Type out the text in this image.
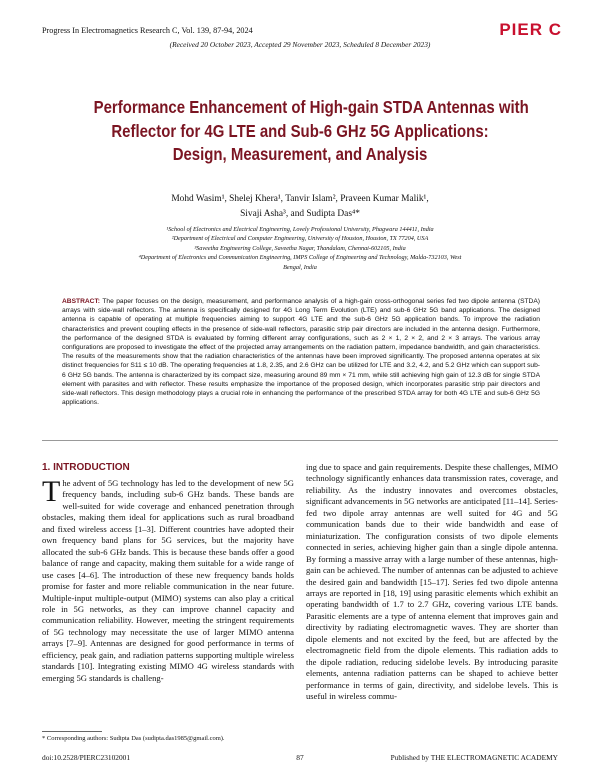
Progress In Electromagnetics Research C, Vol. 139, 87-94, 2024	PIER C
(Received 20 October 2023, Accepted 29 November 2023, Scheduled 8 December 2023)
Performance Enhancement of High-gain STDA Antennas with
Reflector for 4G LTE and Sub-6 GHz 5G Applications:
Design, Measurement, and Analysis
Mohd Wasim¹, Shelej Khera¹, Tanvir Islam², Praveen Kumar Malik¹,
Sivaji Asha³, and Sudipta Das⁴*
¹School of Electronics and Electrical Engineering, Lovely Professional University, Phagwara 144411, India
²Department of Electrical and Computer Engineering, University of Houston, Houston, TX 77204, USA
³Saveetha Engineering College, Saveetha Nagar, Thandalam, Chennai-602105, India
⁴Department of Electronics and Communication Engineering, IMPS College of Engineering and Technology, Malda-732103, West
Bengal, India
ABSTRACT: The paper focuses on the design, measurement, and performance analysis of a high-gain cross-orthogonal series fed two dipole antenna (STDA) arrays with side-wall reflectors. The antenna is specifically designed for 4G Long Term Evolution (LTE) and sub-6 GHz 5G band applications. The designed antenna is capable of operating at multiple frequencies aiming to support 4G LTE and the sub-6 GHz 5G application bands. To improve the radiation characteristics and prevent coupling effects in the presence of side-wall reflectors, parasitic strip pair directors are included in the antenna design. Furthermore, the performance of the designed STDA is evaluated by forming different array configurations, such as 2 × 1, 2 × 2, and 2 × 3 arrays. The various array configurations are proposed to investigate the effect of the projected array arrangements on the radiation pattern, impedance bandwidth, and gain characteristics. The results of the measurements show that the radiation characteristics of the antennas have been improved significantly. The proposed antenna operates at six distinct frequencies for S11 ≤ 10 dB. The operating frequencies at 1.8, 2.35, and 2.6 GHz can be utilized for LTE and 3.2, 4.2, and 5.2 GHz which can support sub-6 GHz 5G bands. The antenna is characterized by its compact size, measuring around 89 mm × 71 mm, while still achieving high gain of 12.3 dB for single STDA element with parasites and with reflector. These results emphasize the importance of the proposed design, which incorporates parasitic strip pair directors and side-wall reflectors. This design methodology plays a crucial role in enhancing the performance of the prescribed STDA array for both 4G LTE and sub-6 GHz 5G applications.
1. INTRODUCTION
The advent of 5G technology has led to the development of new 5G frequency bands, including sub-6 GHz bands. These bands are well-suited for wide coverage and enhanced penetration through obstacles, making them ideal for applications such as rural broadband and fixed wireless access [1–3]. Different countries have adopted their own frequency band plans for 5G services, but the majority have allocated the sub-6 GHz bands. This is because these bands offer a good balance of range and capacity, making them suitable for a wide range of use cases [4–6]. The introduction of these new frequency bands holds promise for faster and more reliable communication in the near future. Multiple-input multiple-output (MIMO) systems can also play a critical role in 5G networks, as they can improve channel capacity and communication reliability. However, meeting the stringent requirements of 5G technology may necessitate the use of larger MIMO antenna arrays [7–9]. Antennas are designed for good performance in terms of efficiency, peak gain, and radiation patterns supporting multiple wireless standards [10]. Integrating existing MIMO 4G wireless standards with emerging 5G standards is challeng-
ing due to space and gain requirements. Despite these challenges, MIMO technology significantly enhances data transmission rates, coverage, and reliability. As the industry innovates and overcomes obstacles, significant advancements in 5G networks are anticipated [11–14]. Series-fed two dipole array antennas are well suited for 4G and 5G communication bands due to their wide bandwidth and ease of miniaturization. The configuration consists of two dipole elements connected in series, achieving higher gain than a single dipole antenna. By forming a massive array with a large number of these antennas, high-gain can be achieved. The number of antennas can be adjusted to achieve the desired gain and bandwidth [15–17]. Series fed two dipole antenna arrays are reported in [18, 19] using parasitic elements which exhibit an operating bandwidth of 1.7 to 2.7 GHz, covering various LTE bands. Parasitic elements are a type of antenna element that improves gain and directivity by radiating electromagnetic waves. They are shorter than dipole elements and not excited by the feed, but are affected by the electromagnetic field from the dipole elements. This radiation adds to the dipole radiation, reducing sidelobe levels. By introducing parasite elements, antenna radiation patterns can be shaped to achieve better performance in terms of gain, directivity, and sidelobe levels. This is useful in wireless commu-
* Corresponding authors: Sudipta Das (sudipta.das1985@gmail.com).
doi:10.2528/PIERC23102001	87	Published by THE ELECTROMAGNETIC ACADEMY
